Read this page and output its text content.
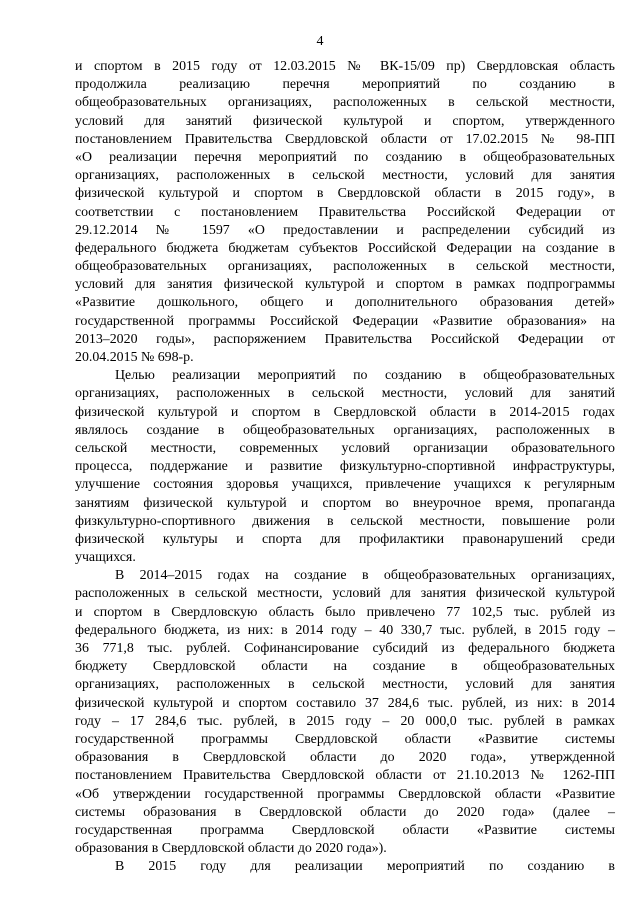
4
и спортом в 2015 году от 12.03.2015 № ВК-15/09 пр) Свердловская область
продолжила реализацию перечня мероприятий по созданию в
общеобразовательных организациях, расположенных в сельской местности,
условий для занятий физической культурой и спортом, утвержденного
постановлением Правительства Свердловской области от 17.02.2015 № 98-ПП
«О реализации перечня мероприятий по созданию в общеобразовательных
организациях, расположенных в сельской местности, условий для занятия
физической культурой и спортом в Свердловской области в 2015 году», в
соответствии с постановлением Правительства Российской Федерации от
29.12.2014 № 1597 «О предоставлении и распределении субсидий из
федерального бюджета бюджетам субъектов Российской Федерации на создание в
общеобразовательных организациях, расположенных в сельской местности,
условий для занятия физической культурой и спортом в рамках подпрограммы
«Развитие дошкольного, общего и дополнительного образования детей»
государственной программы Российской Федерации «Развитие образования» на
2013–2020 годы», распоряжением Правительства Российской Федерации от
20.04.2015 № 698-р.
Целью реализации мероприятий по созданию в общеобразовательных
организациях, расположенных в сельской местности, условий для занятий
физической культурой и спортом в Свердловской области в 2014-2015 годах
являлось создание в общеобразовательных организациях, расположенных в
сельской местности, современных условий организации образовательного
процесса, поддержание и развитие физкультурно-спортивной инфраструктуры,
улучшение состояния здоровья учащихся, привлечение учащихся к регулярным
занятиям физической культурой и спортом во внеурочное время, пропаганда
физкультурно-спортивного движения в сельской местности, повышение роли
физической культуры и спорта для профилактики правонарушений среди
учащихся.
В 2014–2015 годах на создание в общеобразовательных организациях,
расположенных в сельской местности, условий для занятия физической культурой
и спортом в Свердловскую область было привлечено 77 102,5 тыс. рублей из
федерального бюджета, из них: в 2014 году – 40 330,7 тыс. рублей, в 2015 году –
36 771,8 тыс. рублей. Софинансирование субсидий из федерального бюджета
бюджету Свердловской области на создание в общеобразовательных
организациях, расположенных в сельской местности, условий для занятия
физической культурой и спортом составило 37 284,6 тыс. рублей, из них: в 2014
году – 17 284,6 тыс. рублей, в 2015 году – 20 000,0 тыс. рублей в рамках
государственной программы Свердловской области «Развитие системы
образования в Свердловской области до 2020 года», утвержденной
постановлением Правительства Свердловской области от 21.10.2013 № 1262-ПП
«Об утверждении государственной программы Свердловской области «Развитие
системы образования в Свердловской области до 2020 года» (далее –
государственная программа Свердловской области «Развитие системы
образования в Свердловской области до 2020 года»).
В 2015 году для реализации мероприятий по созданию в
